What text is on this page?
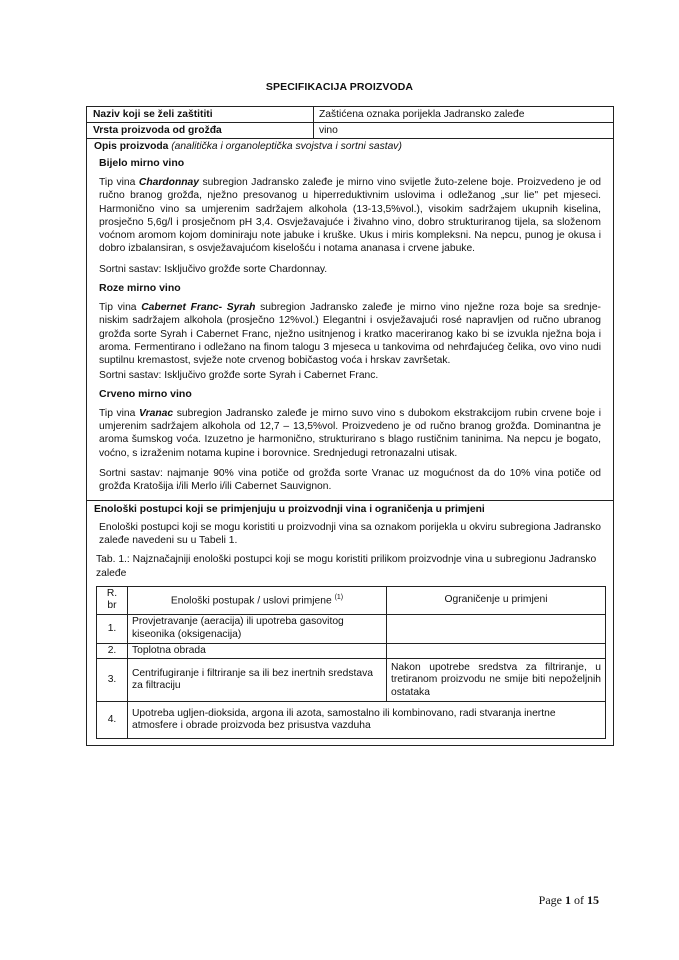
SPECIFIKACIJA PROIZVODA
Naziv koji se želi zaštititi	Zaštićena oznaka porijekla Jadransko zaleđe
Vrsta proizvoda od grožđa	vino
Opis proizvoda (analitička i organoleptička svojstva i sortni sastav)
Bijelo mirno vino

Tip vina Chardonnay subregion Jadransko zaleđe je mirno vino svijetle žuto-zelene boje. Proizvedeno je od ručno branog grožđa, nježno presovanog u hiperreduktivnim uslovima i odležanog „sur lie" pet mjeseci. Harmonično vino sa umjerenim sadržajem alkohola (13-13,5%vol.), visokim sadržajem ukupnih kiselina, prosječno 5,6g/l i prosječnom pH 3,4. Osvježavajuće i živahno vino, dobro strukturiranog tijela, sa složenom voćnom aromom kojom dominiraju note jabuke i kruške. Ukus i miris kompleksni. Na nepcu, punog je okusa i dobro izbalansiran, s osvježavajućom kiselošću i notama ananasa i crvene jabuke.

Sortni sastav: Isključivo grožđe sorte Chardonnay.

Roze mirno vino

Tip vina Cabernet Franc- Syrah subregion Jadransko zaleđe je mirno vino nježne roza boje sa srednje-niskim sadržajem alkohola (prosječno 12%vol.) Elegantni i osvježavajući rosé napravljen od ručno ubranog grožđa sorte Syrah i Cabernet Franc, nježno usitnjenog i kratko maceriranog kako bi se izvukla nježna boja i aroma. Fermentirano i odležano na finom talogu 3 mjeseca u tankovima od nehrđajućeg čelika, ovo vino nudi suptilnu kremastost, svježe note crvenog bobičastog voća i hrskav završetak.

Sortni sastav: Isključivo grožđe sorte Syrah i Cabernet Franc.

Crveno mirno vino

Tip vina Vranac subregion Jadransko zaleđe je mirno suvo vino s dubokom ekstrakcijom rubin crvene boje i umjerenim sadržajem alkohola od 12,7 – 13,5%vol. Proizvedeno je od ručno branog grožđa. Dominantna je aroma šumskog voća. Izuzetno je harmonično, strukturirano s blago rustičnim taninima. Na nepcu je bogato, voćno, s izraženim notama kupine i borovnice. Srednjedugi retronazalni utisak.

Sortni sastav: najmanje 90% vina potiče od grožđa sorte Vranac uz mogućnost da do 10% vina potiče od grožđa Kratošija i/ili Merlo i/ili Cabernet Sauvignon.

Enološki postupci koji se primjenjuju u proizvodnji vina i ograničenja u primjeni

Enološki postupci koji se mogu koristiti u proizvodnji vina sa oznakom porijekla u okviru subregiona Jadransko zaleđe navedeni su u Tabeli 1.

Tab. 1.: Najznačajniji enološki postupci koji se mogu koristiti prilikom proizvodnje vina u subregionu Jadransko zaleđe

R. br	Enološki postupak / uslovi primjene $^{(1)}$	Ograničenje u primjeni
1.	Provjetravanje (aeracija) ili upotreba gasovitog kiseonika (oksigenacija)	
2.	Toplotna obrada	
3.	Centrifugiranje i filtriranje sa ili bez inertnih sredstava za filtraciju	Nakon upotrebe sredstva za filtriranje, u tretiranom proizvodu ne smije biti nepoželjnih ostataka
4.	Upotreba ugljen-dioksida, argona ili azota, samostalno ili kombinovano, radi stvaranja inertne atmosfere i obrade proizvoda bez prisustva vazduha	
Page 1 of 15
